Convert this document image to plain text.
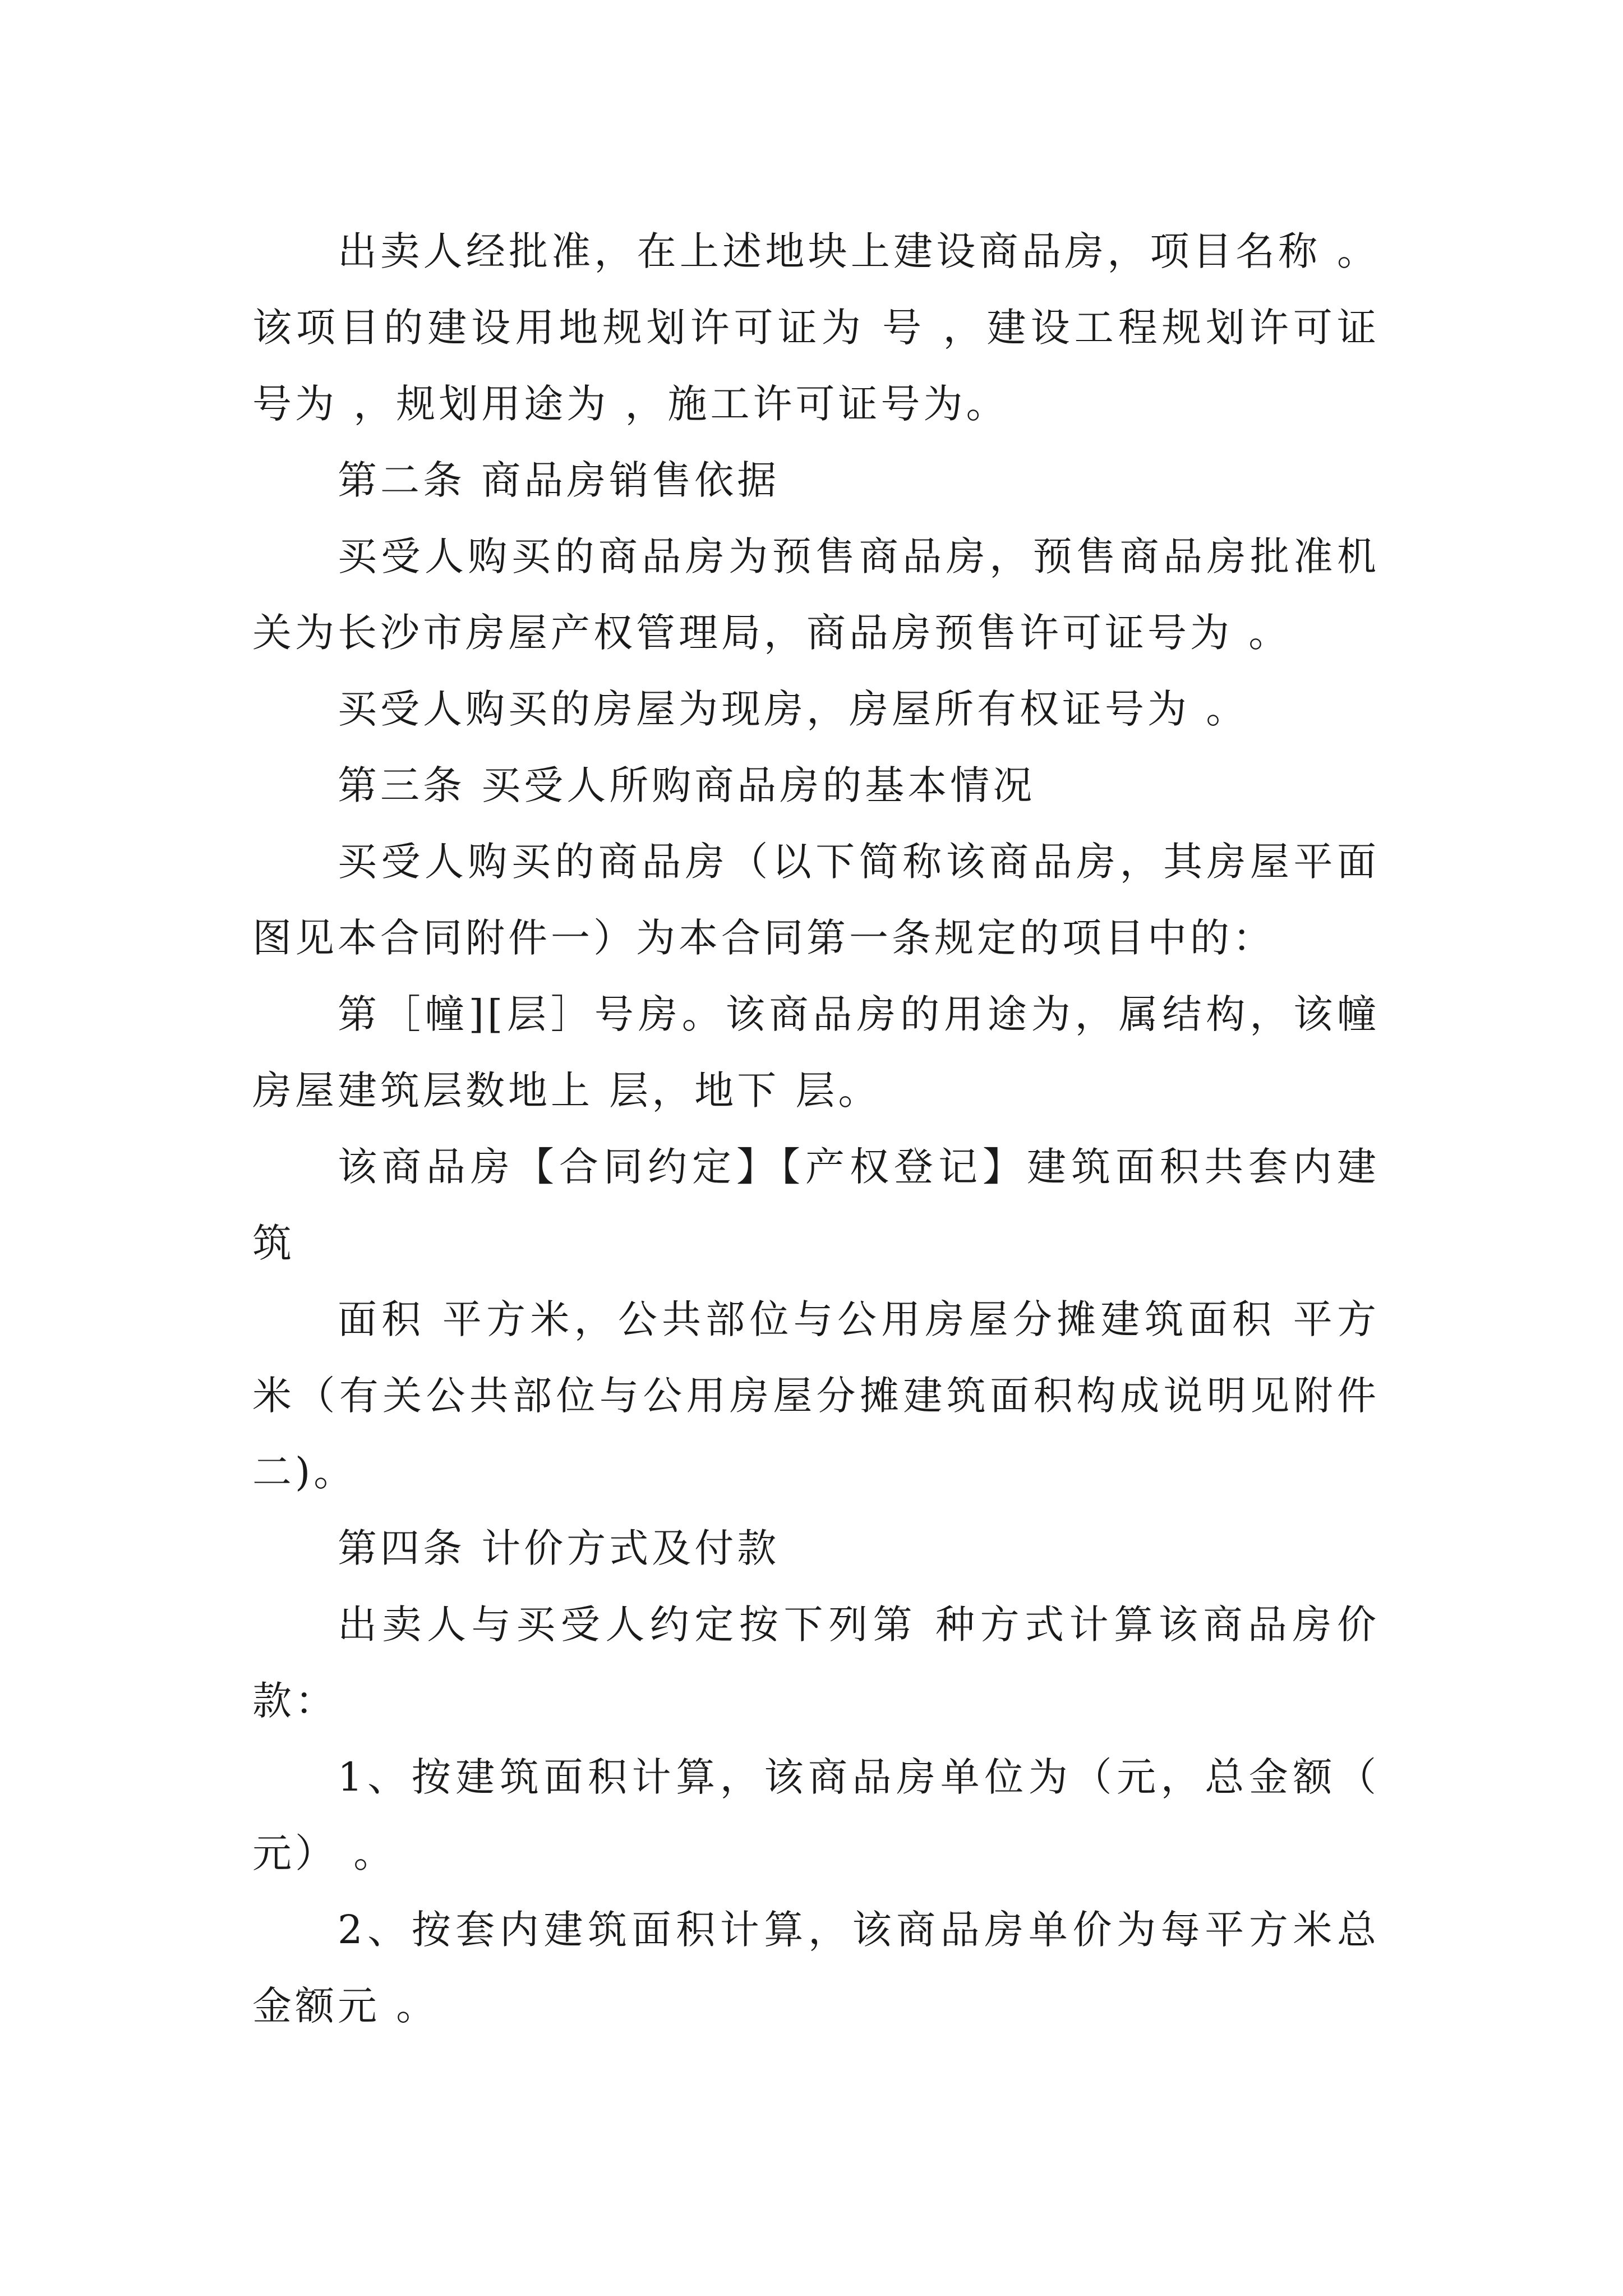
出卖人经批准，在上述地块上建设商品房，项目名称 。该项目的建设用地规划许可证为 号 ，建设工程规划许可证号为 ，规划用途为 ，施工许可证号为。

第二条 商品房销售依据

买受人购买的商品房为预售商品房，预售商品房批准机关为长沙市房屋产权管理局，商品房预售许可证号为 。

买受人购买的房屋为现房，房屋所有权证号为 。

第三条 买受人所购商品房的基本情况

买受人购买的商品房（以下简称该商品房，其房屋平面图见本合同附件一）为本合同第一条规定的项目中的：

第［幢][层］号房。该商品房的用途为，属结构，该幢房屋建筑层数地上 层，地下 层。

该商品房【合同约定】【产权登记】建筑面积共套内建筑

面积 平方米，公共部位与公用房屋分摊建筑面积 平方米（有关公共部位与公用房屋分摊建筑面积构成说明见附件二)。

第四条 计价方式及付款

出卖人与买受人约定按下列第 种方式计算该商品房价款：

1、按建筑面积计算，该商品房单位为（元，总金额（ 元） 。

2、按套内建筑面积计算，该商品房单价为每平方米总金额元 。
